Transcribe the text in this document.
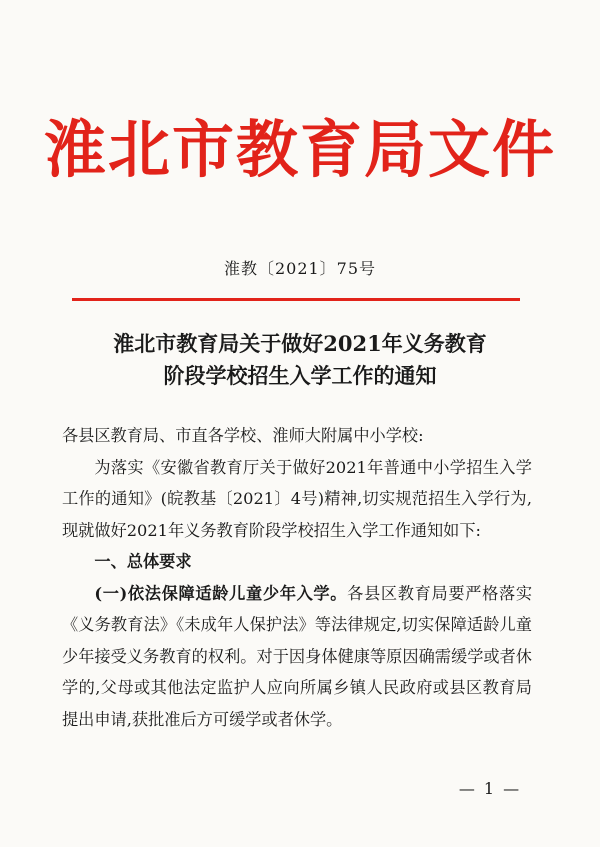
淮北市教育局文件
淮教〔2021〕75号
淮北市教育局关于做好2021年义务教育
阶段学校招生入学工作的通知

各县区教育局、市直各学校、淮师大附属中小学校:

为落实《安徽省教育厅关于做好2021年普通中小学招生入学工作的通知》(皖教基〔2021〕4号)精神,切实规范招生入学行为,现就做好2021年义务教育阶段学校招生入学工作通知如下:

一、总体要求

(一)依法保障适龄儿童少年入学。各县区教育局要严格落实《义务教育法》《未成年人保护法》等法律规定,切实保障适龄儿童少年接受义务教育的权利。对于因身体健康等原因确需缓学或者休学的,父母或其他法定监护人应向所属乡镇人民政府或县区教育局提出申请,获批准后方可缓学或者休学。

— 1 —
